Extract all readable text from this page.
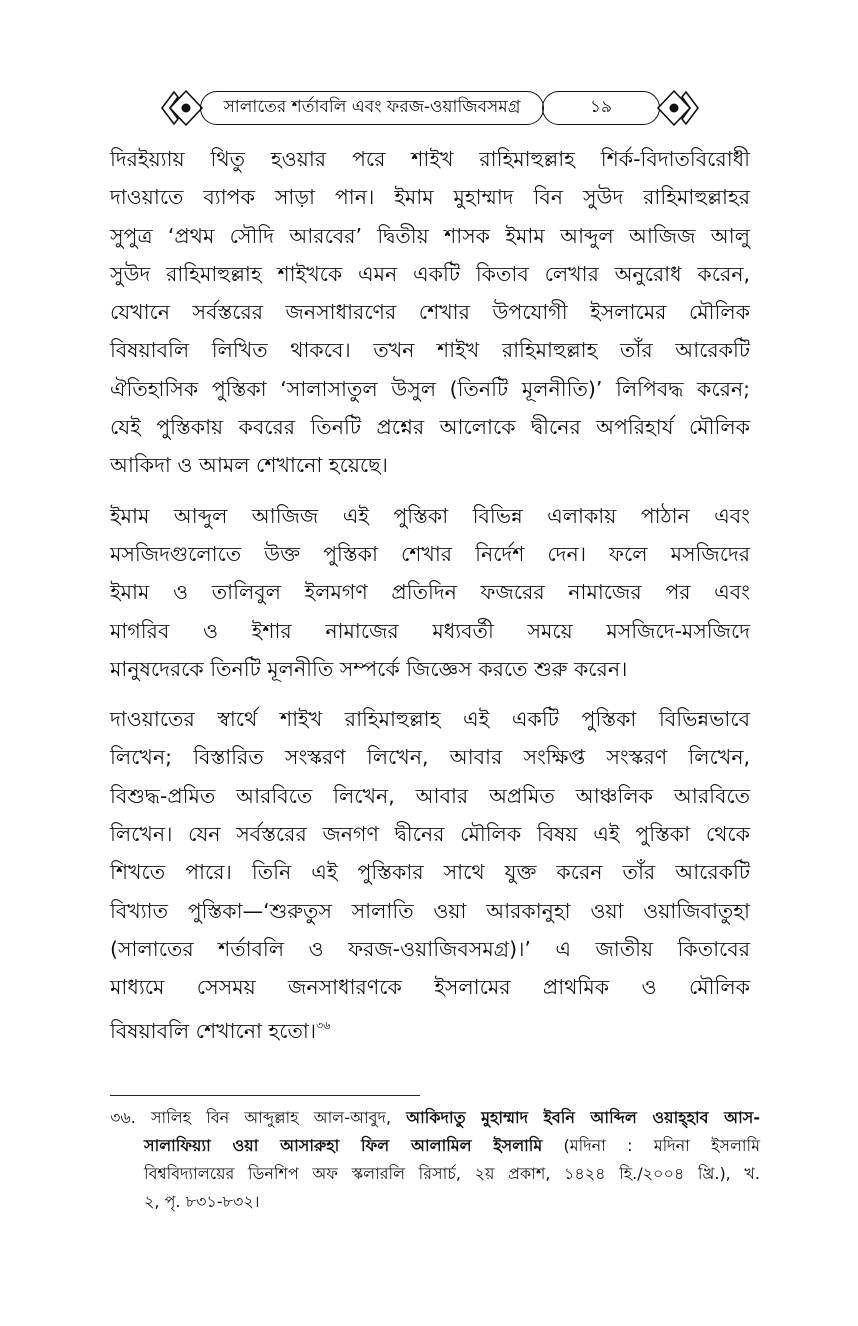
সালাতের শর্তাবলি এবং ফরজ-ওয়াজিবসমগ্র	১৯
দিরইয়্যায় থিতু হওয়ার পরে শাইখ রাহিমাহুল্লাহ শির্ক-বিদাতবিরোধী
দাওয়াতে ব্যাপক সাড়া পান। ইমাম মুহাম্মাদ বিন সুউদ রাহিমাহুল্লাহর
সুপুত্র ‘প্রথম সৌদি আরবের’ দ্বিতীয় শাসক ইমাম আব্দুল আজিজ আলু
সুউদ রাহিমাহুল্লাহ শাইখকে এমন একটি কিতাব লেখার অনুরোধ করেন,
যেখানে সর্বস্তরের জনসাধারণের শেখার উপযোগী ইসলামের মৌলিক
বিষয়াবলি লিখিত থাকবে। তখন শাইখ রাহিমাহুল্লাহ তাঁর আরেকটি
ঐতিহাসিক পুস্তিকা ‘সালাসাতুল উসুল (তিনটি মূলনীতি)’ লিপিবদ্ধ করেন;
যেই পুস্তিকায় কবরের তিনটি প্রশ্নের আলোকে দ্বীনের অপরিহার্য মৌলিক
আকিদা ও আমল শেখানো হয়েছে।
ইমাম আব্দুল আজিজ এই পুস্তিকা বিভিন্ন এলাকায় পাঠান এবং
মসজিদগুলোতে উক্ত পুস্তিকা শেখার নির্দেশ দেন। ফলে মসজিদের
ইমাম ও তালিবুল ইলমগণ প্রতিদিন ফজরের নামাজের পর এবং
মাগরিব ও ইশার নামাজের মধ্যবর্তী সময়ে মসজিদে-মসজিদে
মানুষদেরকে তিনটি মূলনীতি সম্পর্কে জিজ্ঞেস করতে শুরু করেন।
দাওয়াতের স্বার্থে শাইখ রাহিমাহুল্লাহ এই একটি পুস্তিকা বিভিন্নভাবে
লিখেন; বিস্তারিত সংস্করণ লিখেন, আবার সংক্ষিপ্ত সংস্করণ লিখেন,
বিশুদ্ধ-প্রমিত আরবিতে লিখেন, আবার অপ্রমিত আঞ্চলিক আরবিতে
লিখেন। যেন সর্বস্তরের জনগণ দ্বীনের মৌলিক বিষয় এই পুস্তিকা থেকে
শিখতে পারে। তিনি এই পুস্তিকার সাথে যুক্ত করেন তাঁর আরেকটি
বিখ্যাত পুস্তিকা—‘শুরুতুস সালাতি ওয়া আরকানুহা ওয়া ওয়াজিবাতুহা
(সালাতের শর্তাবলি ও ফরজ-ওয়াজিবসমগ্র)।’ এ জাতীয় কিতাবের
মাধ্যমে সেসময় জনসাধারণকে ইসলামের প্রাথমিক ও মৌলিক
বিষয়াবলি শেখানো হতো।$^{৩৬}$
৩৬. সালিহ বিন আব্দুল্লাহ আল-আবুদ, আকিদাতু মুহাম্মাদ ইবনি আব্দিল ওয়াহ্হাব আস-
সালাফিয়্যা ওয়া আসারুহা ফিল আলামিল ইসলামি (মদিনা : মদিনা ইসলামি
বিশ্ববিদ্যালয়ের ডিনশিপ অফ স্কলারলি রিসার্চ, ২য় প্রকাশ, ১৪২৪ হি./২০০৪ খ্রি.), খ.
২, পৃ. ৮৩১-৮৩২।
